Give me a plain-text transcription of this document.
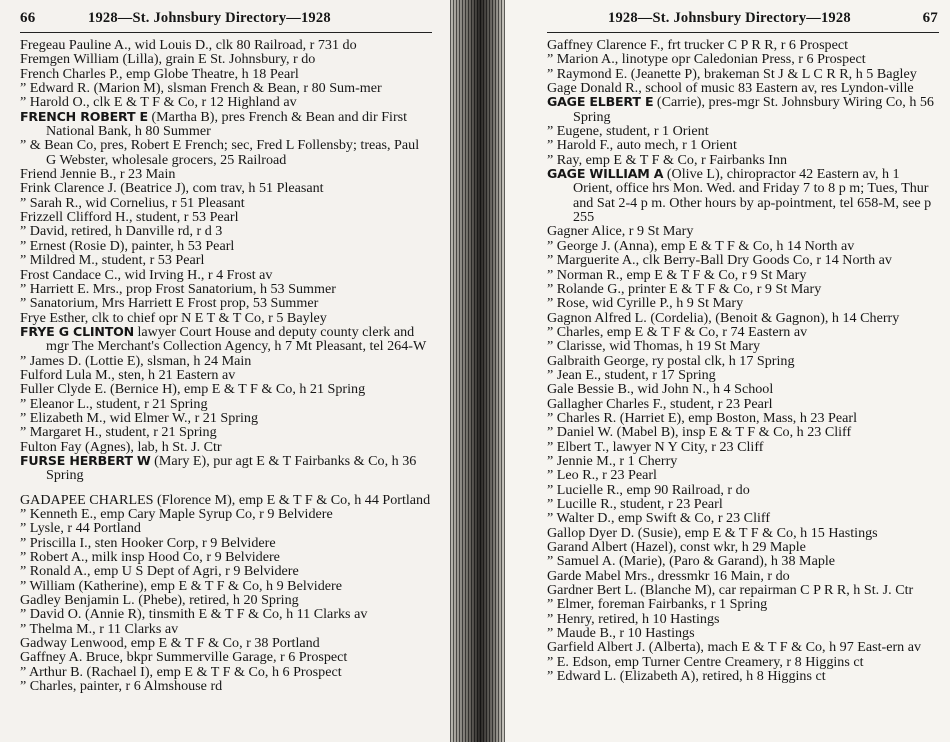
66	1928—St. Johnsbury Directory—1928
Fregeau Pauline A., wid Louis D., clk 80 Railroad, r 731 do
Fremgen William (Lilla), grain E St. Johnsbury, r do
French Charles P., emp Globe Theatre, h 18 Pearl
” Edward R. (Marion M), slsman French & Bean, r 80 Sum-mer
” Harold O., clk E & T F & Co, r 12 Highland av
FRENCH ROBERT E (Martha B), pres French & Bean and dir First National Bank, h 80 Summer
” & Bean Co, pres, Robert E French; sec, Fred L Follensby; treas, Paul G Webster, wholesale grocers, 25 Railroad
Friend Jennie B., r 23 Main
Frink Clarence J. (Beatrice J), com trav, h 51 Pleasant
” Sarah R., wid Cornelius, r 51 Pleasant
Frizzell Clifford H., student, r 53 Pearl
” David, retired, h Danville rd, r d 3
” Ernest (Rosie D), painter, h 53 Pearl
” Mildred M., student, r 53 Pearl
Frost Candace C., wid Irving H., r 4 Frost av
” Harriett E. Mrs., prop Frost Sanatorium, h 53 Summer
” Sanatorium, Mrs Harriett E Frost prop, 53 Summer
Frye Esther, clk to chief opr N E T & T Co, r 5 Bayley
FRYE G CLINTON lawyer Court House and deputy county clerk and mgr The Merchant's Collection Agency, h 7 Mt Pleasant, tel 264-W
” James D. (Lottie E), slsman, h 24 Main
Fulford Lula M., sten, h 21 Eastern av
Fuller Clyde E. (Bernice H), emp E & T F & Co, h 21 Spring
” Eleanor L., student, r 21 Spring
” Elizabeth M., wid Elmer W., r 21 Spring
” Margaret H., student, r 21 Spring
Fulton Fay (Agnes), lab, h St. J. Ctr
FURSE HERBERT W (Mary E), pur agt E & T Fairbanks & Co, h 36 Spring
GADAPEE CHARLES (Florence M), emp E & T F & Co, h 44 Portland
” Kenneth E., emp Cary Maple Syrup Co, r 9 Belvidere
” Lysle, r 44 Portland
” Priscilla I., sten Hooker Corp, r 9 Belvidere
” Robert A., milk insp Hood Co, r 9 Belvidere
” Ronald A., emp U S Dept of Agri, r 9 Belvidere
” William (Katherine), emp E & T F & Co, h 9 Belvidere
Gadley Benjamin L. (Phebe), retired, h 20 Spring
” David O. (Annie R), tinsmith E & T F & Co, h 11 Clarks av
” Thelma M., r 11 Clarks av
Gadway Lenwood, emp E & T F & Co, r 38 Portland
Gaffney A. Bruce, bkpr Summerville Garage, r 6 Prospect
” Arthur B. (Rachael I), emp E & T F & Co, h 6 Prospect
” Charles, painter, r 6 Almshouse rd
1928—St. Johnsbury Directory—1928	67
Gaffney Clarence F., frt trucker C P R R, r 6 Prospect
” Marion A., linotype opr Caledonian Press, r 6 Prospect
” Raymond E. (Jeanette P), brakeman St J & L C R R, h 5 Bagley
Gage Donald R., school of music 83 Eastern av, res Lyndon-ville
GAGE ELBERT E (Carrie), pres-mgr St. Johnsbury Wiring Co, h 56 Spring
” Eugene, student, r 1 Orient
” Harold F., auto mech, r 1 Orient
” Ray, emp E & T F & Co, r Fairbanks Inn
GAGE WILLIAM A (Olive L), chiropractor 42 Eastern av, h 1 Orient, office hrs Mon. Wed. and Friday 7 to 8 p m; Tues, Thur and Sat 2-4 p m. Other hours by ap-pointment, tel 658-M, see p 255
Gagner Alice, r 9 St Mary
” George J. (Anna), emp E & T F & Co, h 14 North av
” Marguerite A., clk Berry-Ball Dry Goods Co, r 14 North av
” Norman R., emp E & T F & Co, r 9 St Mary
” Rolande G., printer E & T F & Co, r 9 St Mary
” Rose, wid Cyrille P., h 9 St Mary
Gagnon Alfred L. (Cordelia), (Benoit & Gagnon), h 14 Cherry
” Charles, emp E & T F & Co, r 74 Eastern av
” Clarisse, wid Thomas, h 19 St Mary
Galbraith George, ry postal clk, h 17 Spring
” Jean E., student, r 17 Spring
Gale Bessie B., wid John N., h 4 School
Gallagher Charles F., student, r 23 Pearl
” Charles R. (Harriet E), emp Boston, Mass, h 23 Pearl
” Daniel W. (Mabel B), insp E & T F & Co, h 23 Cliff
” Elbert T., lawyer N Y City, r 23 Cliff
” Jennie M., r 1 Cherry
” Leo R., r 23 Pearl
” Lucielle R., emp 90 Railroad, r do
” Lucille R., student, r 23 Pearl
” Walter D., emp Swift & Co, r 23 Cliff
Gallop Dyer D. (Susie), emp E & T F & Co, h 15 Hastings
Garand Albert (Hazel), const wkr, h 29 Maple
” Samuel A. (Marie), (Paro & Garand), h 38 Maple
Garde Mabel Mrs., dressmkr 16 Main, r do
Gardner Bert L. (Blanche M), car repairman C P R R, h St. J. Ctr
” Elmer, foreman Fairbanks, r 1 Spring
” Henry, retired, h 10 Hastings
” Maude B., r 10 Hastings
Garfield Albert J. (Alberta), mach E & T F & Co, h 97 East-ern av
” E. Edson, emp Turner Centre Creamery, r 8 Higgins ct
” Edward L. (Elizabeth A), retired, h 8 Higgins ct
